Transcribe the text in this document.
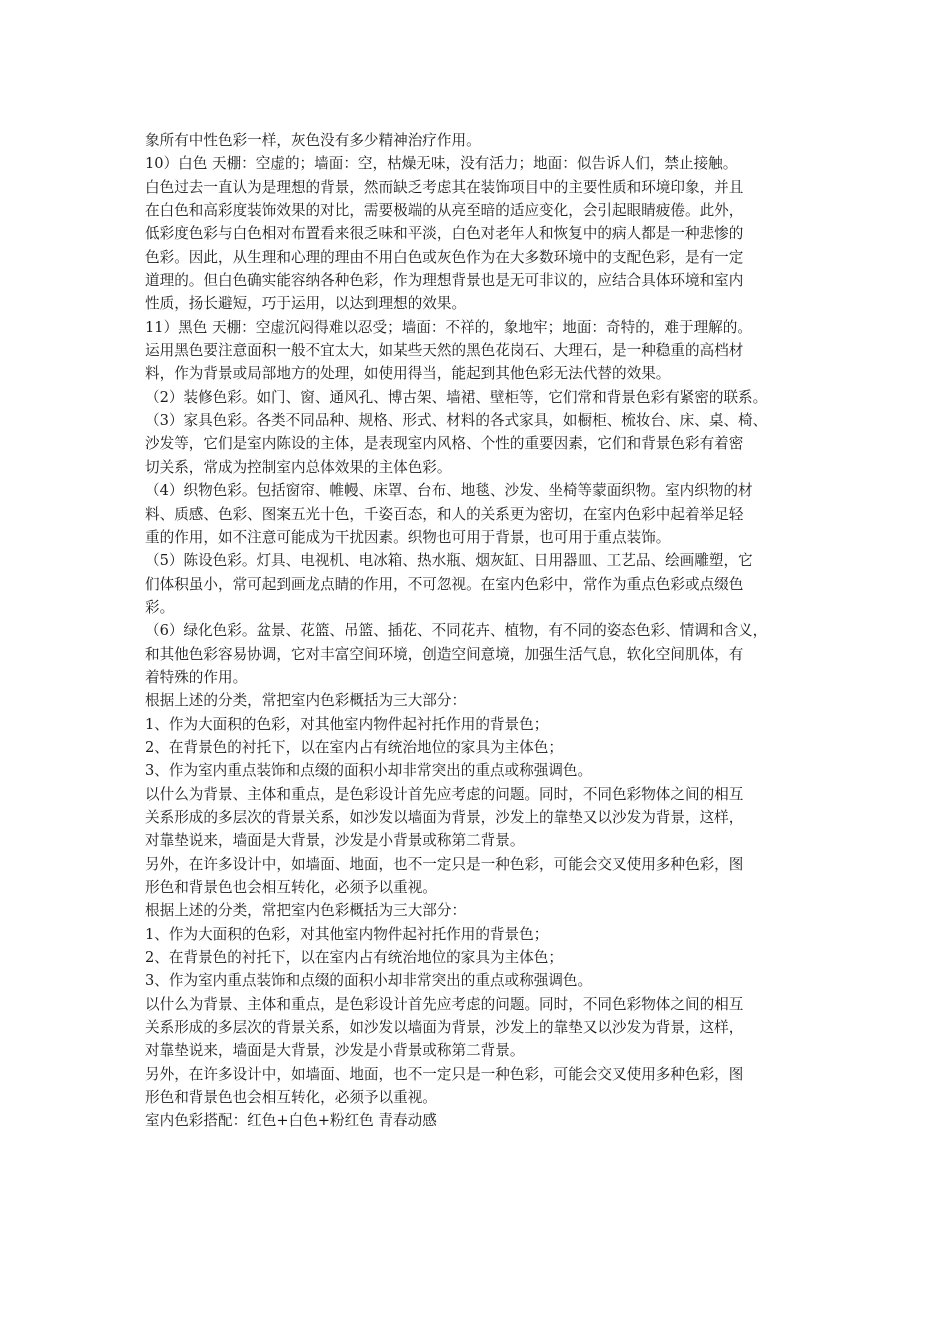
象所有中性色彩一样，灰色没有多少精神治疗作用。
10）白色 天棚：空虚的；墙面：空，枯燥无味，没有活力；地面：似告诉人们，禁止接触。
白色过去一直认为是理想的背景，然而缺乏考虑其在装饰项目中的主要性质和环境印象，并且
在白色和高彩度装饰效果的对比，需要极端的从亮至暗的适应变化，会引起眼睛疲倦。此外，
低彩度色彩与白色相对布置看来很乏味和平淡，白色对老年人和恢复中的病人都是一种悲惨的
色彩。因此，从生理和心理的理由不用白色或灰色作为在大多数环境中的支配色彩，是有一定
道理的。但白色确实能容纳各种色彩，作为理想背景也是无可非议的，应结合具体环境和室内
性质，扬长避短，巧于运用，以达到理想的效果。
11）黑色 天棚：空虚沉闷得难以忍受；墙面：不祥的，象地牢；地面：奇特的，难于理解的。
运用黑色要注意面积一般不宜太大，如某些天然的黑色花岗石、大理石，是一种稳重的高档材
料，作为背景或局部地方的处理，如使用得当，能起到其他色彩无法代替的效果。
（2）装修色彩。如门、窗、通风孔、博古架、墙裙、壁柜等，它们常和背景色彩有紧密的联系。
（3）家具色彩。各类不同品种、规格、形式、材料的各式家具，如橱柜、梳妆台、床、桌、椅、
沙发等，它们是室内陈设的主体，是表现室内风格、个性的重要因素，它们和背景色彩有着密
切关系，常成为控制室内总体效果的主体色彩。
（4）织物色彩。包括窗帘、帷幔、床罩、台布、地毯、沙发、坐椅等蒙面织物。室内织物的材
料、质感、色彩、图案五光十色，千姿百态，和人的关系更为密切，在室内色彩中起着举足轻
重的作用，如不注意可能成为干扰因素。织物也可用于背景，也可用于重点装饰。
（5）陈设色彩。灯具、电视机、电冰箱、热水瓶、烟灰缸、日用器皿、工艺品、绘画雕塑，它
们体积虽小，常可起到画龙点睛的作用，不可忽视。在室内色彩中，常作为重点色彩或点缀色
彩。
（6）绿化色彩。盆景、花篮、吊篮、插花、不同花卉、植物，有不同的姿态色彩、情调和含义，
和其他色彩容易协调，它对丰富空间环境，创造空间意境，加强生活气息，软化空间肌体，有
着特殊的作用。
根据上述的分类，常把室内色彩概括为三大部分：
1、作为大面积的色彩，对其他室内物件起衬托作用的背景色；
2、在背景色的衬托下，以在室内占有统治地位的家具为主体色；
3、作为室内重点装饰和点缀的面积小却非常突出的重点或称强调色。
以什么为背景、主体和重点，是色彩设计首先应考虑的问题。同时，不同色彩物体之间的相互
关系形成的多层次的背景关系，如沙发以墙面为背景，沙发上的靠垫又以沙发为背景，这样，
对靠垫说来，墙面是大背景，沙发是小背景或称第二背景。
另外，在许多设计中，如墙面、地面，也不一定只是一种色彩，可能会交叉使用多种色彩，图
形色和背景色也会相互转化，必须予以重视。
根据上述的分类，常把室内色彩概括为三大部分：
1、作为大面积的色彩，对其他室内物件起衬托作用的背景色；
2、在背景色的衬托下，以在室内占有统治地位的家具为主体色；
3、作为室内重点装饰和点缀的面积小却非常突出的重点或称强调色。
以什么为背景、主体和重点，是色彩设计首先应考虑的问题。同时，不同色彩物体之间的相互
关系形成的多层次的背景关系，如沙发以墙面为背景，沙发上的靠垫又以沙发为背景，这样，
对靠垫说来，墙面是大背景，沙发是小背景或称第二背景。
另外，在许多设计中，如墙面、地面，也不一定只是一种色彩，可能会交叉使用多种色彩，图
形色和背景色也会相互转化，必须予以重视。
室内色彩搭配：红色+白色+粉红色 青春动感
